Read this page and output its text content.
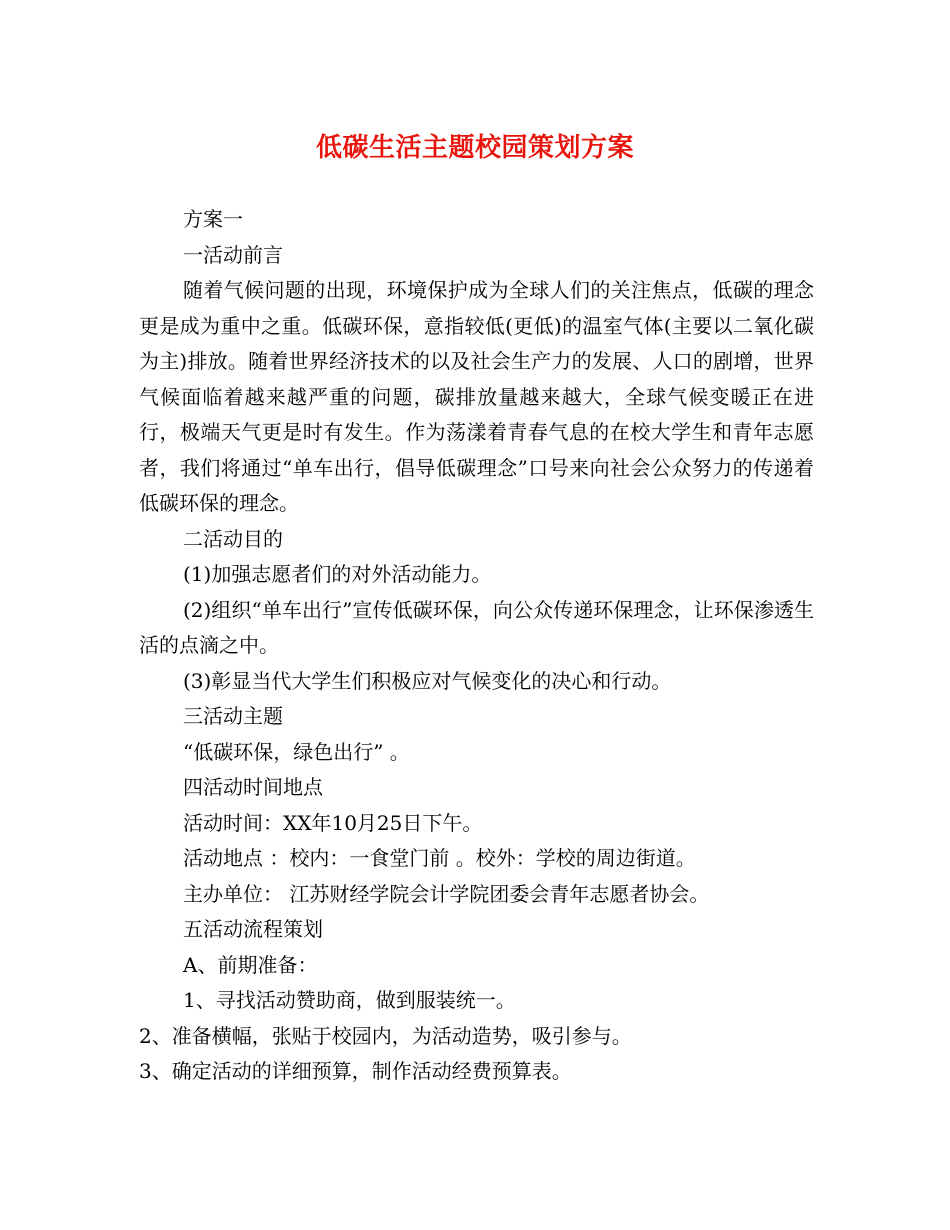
低碳生活主题校园策划方案

方案一

一活动前言

随着气候问题的出现，环境保护成为全球人们的关注焦点，低碳的理念更是成为重中之重。低碳环保，意指较低(更低)的温室气体(主要以二氧化碳为主)排放。随着世界经济技术的以及社会生产力的发展、人口的剧增，世界气候面临着越来越严重的问题，碳排放量越来越大，全球气候变暖正在进行，极端天气更是时有发生。作为荡漾着青春气息的在校大学生和青年志愿者，我们将通过“单车出行，倡导低碳理念”口号来向社会公众努力的传递着低碳环保的理念。

二活动目的

(1)加强志愿者们的对外活动能力。

(2)组织“单车出行”宣传低碳环保，向公众传递环保理念，让环保渗透生活的点滴之中。

(3)彰显当代大学生们积极应对气候变化的决心和行动。

三活动主题

“低碳环保，绿色出行” 。

四活动时间地点

活动时间：XX年10月25日下午。

活动地点 ：校内：一食堂门前 。校外：学校的周边街道。

主办单位： 江苏财经学院会计学院团委会青年志愿者协会。

五活动流程策划

A、前期准备：

1、寻找活动赞助商，做到服装统一。

2、准备横幅，张贴于校园内，为活动造势，吸引参与。

3、确定活动的详细预算，制作活动经费预算表。
